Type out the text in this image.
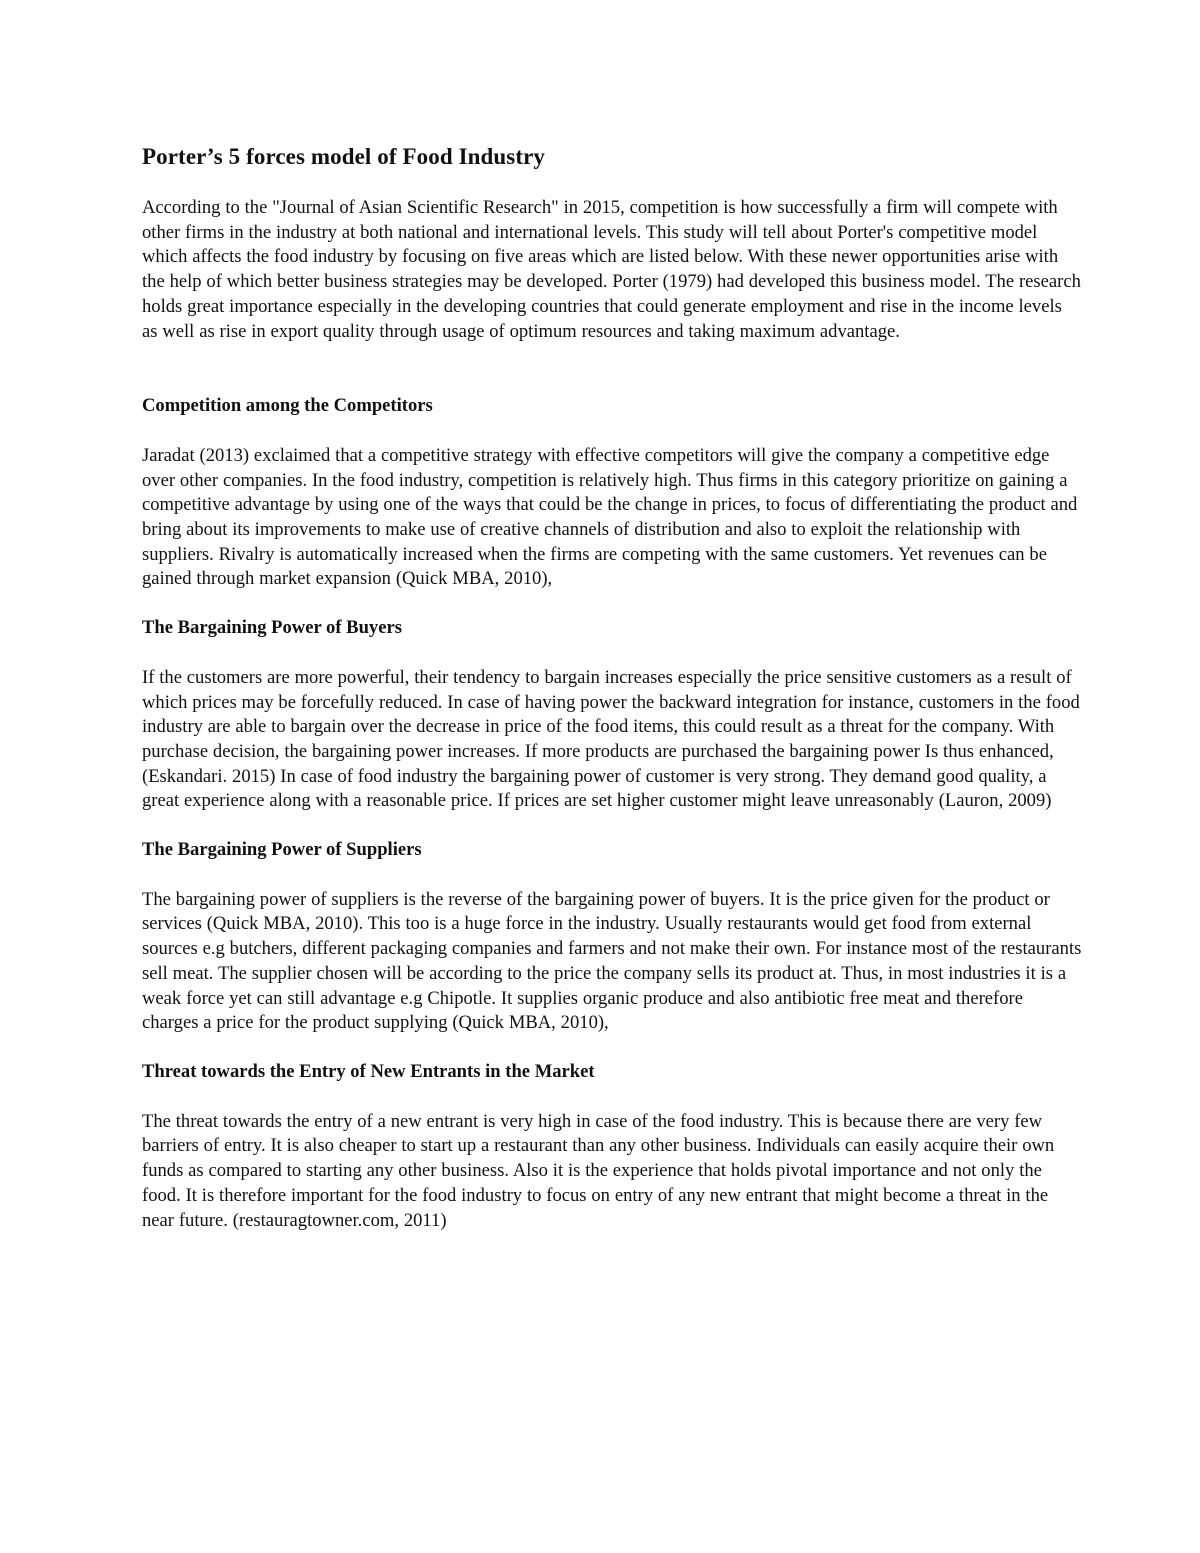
Porter’s 5 forces model of Food Industry

According to the "Journal of Asian Scientific Research" in 2015, competition is how successfully a firm will compete with other firms in the industry at both national and international levels. This study will tell about Porter's competitive model which affects the food industry by focusing on five areas which are listed below. With these newer opportunities arise with the help of which better business strategies may be developed. Porter (1979) had developed this business model. The research holds great importance especially in the developing countries that could generate employment and rise in the income levels as well as rise in export quality through usage of optimum resources and taking maximum advantage.

Competition among the Competitors

Jaradat (2013) exclaimed that a competitive strategy with effective competitors will give the company a competitive edge over other companies. In the food industry, competition is relatively high. Thus firms in this category prioritize on gaining a competitive advantage by using one of the ways that could be the change in prices, to focus of differentiating the product and bring about its improvements to make use of creative channels of distribution and also to exploit the relationship with suppliers. Rivalry is automatically increased when the firms are competing with the same customers. Yet revenues can be gained through market expansion (Quick MBA, 2010),

The Bargaining Power of Buyers

If the customers are more powerful, their tendency to bargain increases especially the price sensitive customers as a result of which prices may be forcefully reduced. In case of having power the backward integration for instance, customers in the food industry are able to bargain over the decrease in price of the food items, this could result as a threat for the company. With purchase decision, the bargaining power increases. If more products are purchased the bargaining power Is thus enhanced, (Eskandari. 2015) In case of food industry the bargaining power of customer is very strong. They demand good quality, a great experience along with a reasonable price. If prices are set higher customer might leave unreasonably (Lauron, 2009)

The Bargaining Power of Suppliers

The bargaining power of suppliers is the reverse of the bargaining power of buyers. It is the price given for the product or services (Quick MBA, 2010). This too is a huge force in the industry. Usually restaurants would get food from external sources e.g butchers, different packaging companies and farmers and not make their own. For instance most of the restaurants sell meat. The supplier chosen will be according to the price the company sells its product at. Thus, in most industries it is a weak force yet can still advantage e.g Chipotle. It supplies organic produce and also antibiotic free meat and therefore charges a price for the product supplying (Quick MBA, 2010),

Threat towards the Entry of New Entrants in the Market

The threat towards the entry of a new entrant is very high in case of the food industry. This is because there are very few barriers of entry. It is also cheaper to start up a restaurant than any other business. Individuals can easily acquire their own funds as compared to starting any other business. Also it is the experience that holds pivotal importance and not only the food. It is therefore important for the food industry to focus on entry of any new entrant that might become a threat in the near future. (restauragtowner.com, 2011)
